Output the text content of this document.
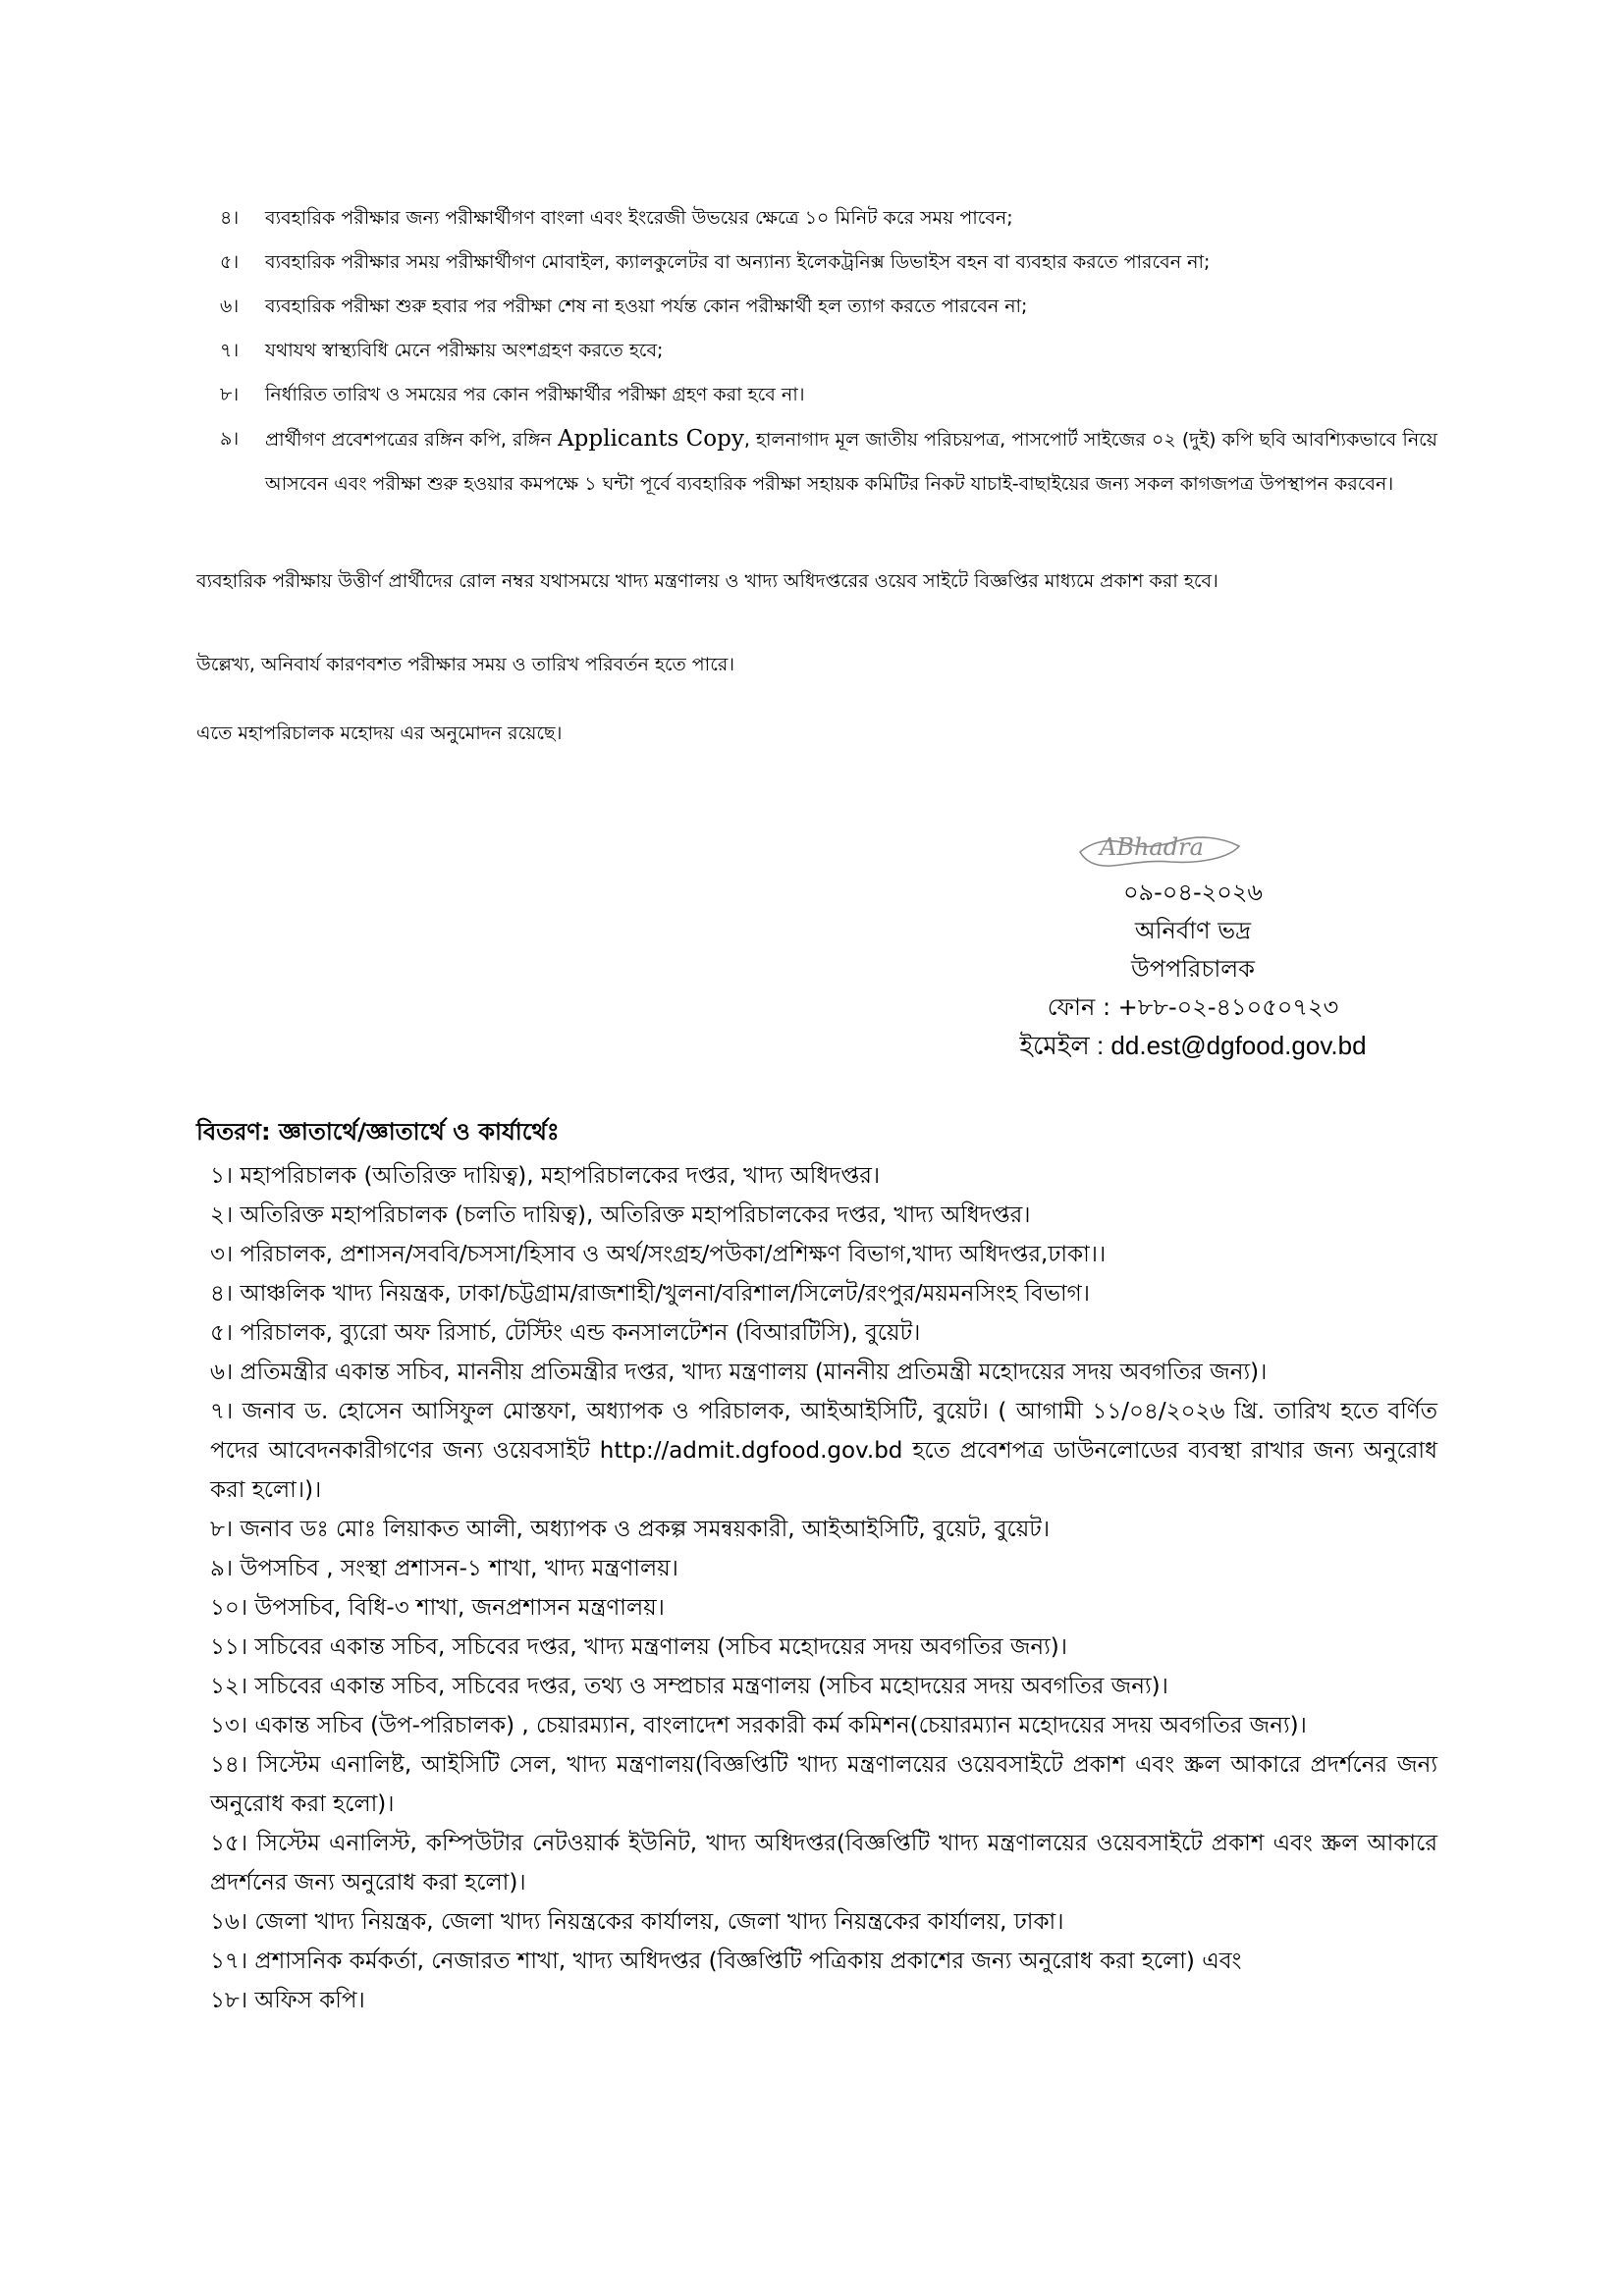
৪।	ব্যবহারিক পরীক্ষার জন্য পরীক্ষার্থীগণ বাংলা এবং ইংরেজী উভয়ের ক্ষেত্রে ১০ মিনিট করে সময় পাবেন;
৫।	ব্যবহারিক পরীক্ষার সময় পরীক্ষার্থীগণ মোবাইল, ক্যালকুলেটর বা অন্যান্য ইলেকট্রনিক্স ডিভাইস বহন বা ব্যবহার করতে পারবেন না;
৬।	ব্যবহারিক পরীক্ষা শুরু হবার পর পরীক্ষা শেষ না হওয়া পর্যন্ত কোন পরীক্ষার্থী হল ত্যাগ করতে পারবেন না;
৭।	যথাযথ স্বাস্থ্যবিধি মেনে পরীক্ষায় অংশগ্রহণ করতে হবে;
৮।	নির্ধারিত তারিখ ও সময়ের পর কোন পরীক্ষার্থীর পরীক্ষা গ্রহণ করা হবে না।
৯।	প্রার্থীগণ প্রবেশপত্রের রঙ্গিন কপি, রঙ্গিন Applicants Copy, হালনাগাদ মূল জাতীয় পরিচয়পত্র, পাসপোর্ট সাইজের ০২ (দুই) কপি ছবি আবশ্যিকভাবে নিয়ে আসবেন এবং পরীক্ষা শুরু হওয়ার কমপক্ষে ১ ঘন্টা পূর্বে ব্যবহারিক পরীক্ষা সহায়ক কমিটির নিকট যাচাই-বাছাইয়ের জন্য সকল কাগজপত্র উপস্থাপন করবেন।
ব্যবহারিক পরীক্ষায় উত্তীর্ণ প্রার্থীদের রোল নম্বর যথাসময়ে খাদ্য মন্ত্রণালয় ও খাদ্য অধিদপ্তরের ওয়েব সাইটে বিজ্ঞপ্তির মাধ্যমে প্রকাশ করা হবে।
উল্লেখ্য, অনিবার্য কারণবশত পরীক্ষার সময় ও তারিখ পরিবর্তন হতে পারে।
এতে মহাপরিচালক মহোদয় এর অনুমোদন রয়েছে।
ABhadra
০৯-০৪-২০২৬
অনির্বাণ ভদ্র
উপপরিচালক
ফোন : +৮৮-০২-৪১০৫০৭২৩
ইমেইল : dd.est@dgfood.gov.bd
বিতরণ: জ্ঞাতার্থে/জ্ঞাতার্থে ও কার্যার্থেঃ
১। মহাপরিচালক (অতিরিক্ত দায়িত্ব), মহাপরিচালকের দপ্তর, খাদ্য অধিদপ্তর।
২। অতিরিক্ত মহাপরিচালক (চলতি দায়িত্ব), অতিরিক্ত মহাপরিচালকের দপ্তর, খাদ্য অধিদপ্তর।
৩। পরিচালক, প্রশাসন/সববি/চসসা/হিসাব ও অর্থ/সংগ্রহ/পউকা/প্রশিক্ষণ বিভাগ,খাদ্য অধিদপ্তর,ঢাকা।।
৪। আঞ্চলিক খাদ্য নিয়ন্ত্রক, ঢাকা/চট্টগ্রাম/রাজশাহী/খুলনা/বরিশাল/সিলেট/রংপুর/ময়মনসিংহ বিভাগ।
৫। পরিচালক, ব্যুরো অফ রিসার্চ, টেস্টিং এন্ড কনসালটেশন (বিআরটিসি), বুয়েট।
৬। প্রতিমন্ত্রীর একান্ত সচিব, মাননীয় প্রতিমন্ত্রীর দপ্তর, খাদ্য মন্ত্রণালয় (মাননীয় প্রতিমন্ত্রী মহোদয়ের সদয় অবগতির জন্য)।
৭। জনাব ড. হোসেন আসিফুল মোস্তফা, অধ্যাপক ও পরিচালক, আইআইসিটি, বুয়েট। ( আগামী ১১/০৪/২০২৬ খ্রি. তারিখ হতে বর্ণিত পদের আবেদনকারীগণের জন্য ওয়েবসাইট http://admit.dgfood.gov.bd হতে প্রবেশপত্র ডাউনলোডের ব্যবস্থা রাখার জন্য অনুরোধ করা হলো।)।
৮। জনাব ডঃ মোঃ লিয়াকত আলী, অধ্যাপক ও প্রকল্প সমন্বয়কারী, আইআইসিটি, বুয়েট, বুয়েট।
৯। উপসচিব , সংস্থা প্রশাসন-১ শাখা, খাদ্য মন্ত্রণালয়।
১০। উপসচিব, বিধি-৩ শাখা, জনপ্রশাসন মন্ত্রণালয়।
১১। সচিবের একান্ত সচিব, সচিবের দপ্তর, খাদ্য মন্ত্রণালয় (সচিব মহোদয়ের সদয় অবগতির জন্য)।
১২। সচিবের একান্ত সচিব, সচিবের দপ্তর, তথ্য ও সম্প্রচার মন্ত্রণালয় (সচিব মহোদয়ের সদয় অবগতির জন্য)।
১৩। একান্ত সচিব (উপ-পরিচালক) , চেয়ারম্যান, বাংলাদেশ সরকারী কর্ম কমিশন(চেয়ারম্যান মহোদয়ের সদয় অবগতির জন্য)।
১৪। সিস্টেম এনালিষ্ট, আইসিটি সেল, খাদ্য মন্ত্রণালয়(বিজ্ঞপ্তিটি খাদ্য মন্ত্রণালয়ের ওয়েবসাইটে প্রকাশ এবং স্ক্রল আকারে প্রদর্শনের জন্য অনুরোধ করা হলো)।
১৫। সিস্টেম এনালিস্ট, কম্পিউটার নেটওয়ার্ক ইউনিট, খাদ্য অধিদপ্তর(বিজ্ঞপ্তিটি খাদ্য মন্ত্রণালয়ের ওয়েবসাইটে প্রকাশ এবং স্ক্রল আকারে প্রদর্শনের জন্য অনুরোধ করা হলো)।
১৬। জেলা খাদ্য নিয়ন্ত্রক, জেলা খাদ্য নিয়ন্ত্রকের কার্যালয়, জেলা খাদ্য নিয়ন্ত্রকের কার্যালয়, ঢাকা।
১৭। প্রশাসনিক কর্মকর্তা, নেজারত শাখা, খাদ্য অধিদপ্তর (বিজ্ঞপ্তিটি পত্রিকায় প্রকাশের জন্য অনুরোধ করা হলো) এবং
১৮। অফিস কপি।
